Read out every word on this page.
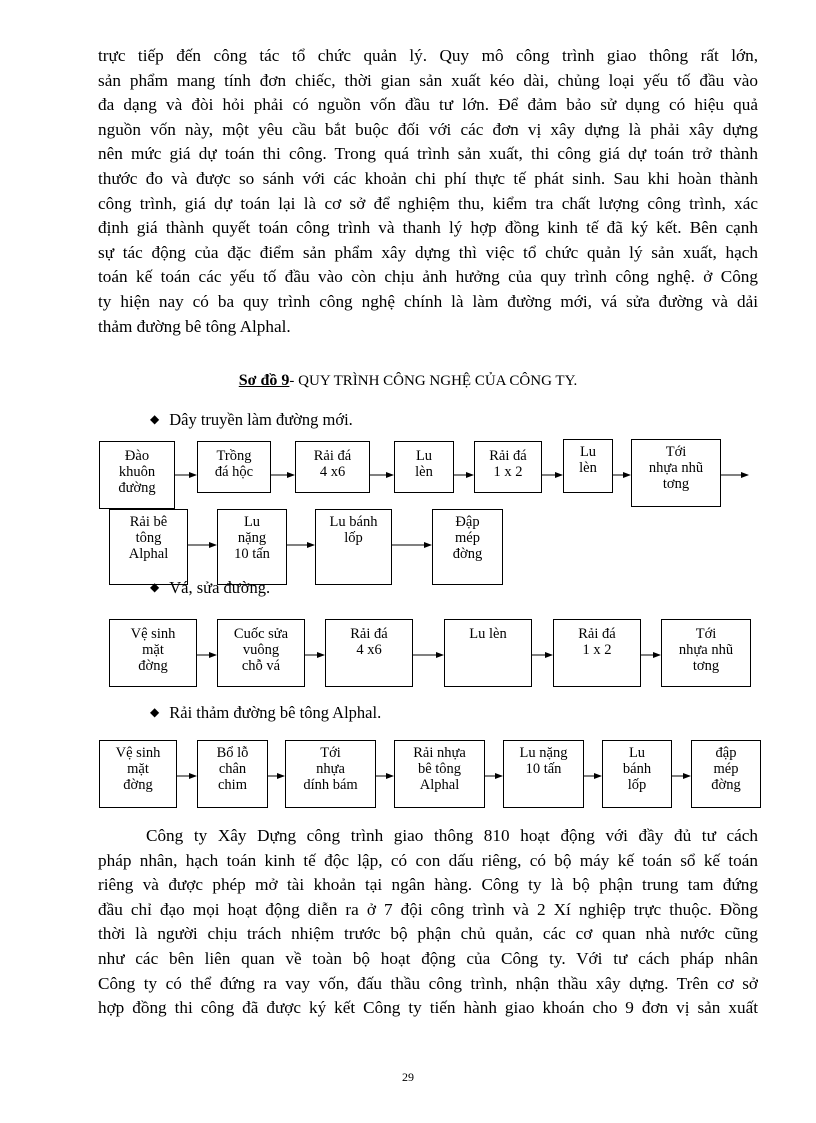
trực tiếp đến công tác tổ chức quản lý. Quy mô công trình giao thông rất lớn,
sản phẩm mang tính đơn chiếc, thời gian sản xuất kéo dài, chủng loại yếu tố đầu vào
đa dạng và đòi hỏi phải có nguồn vốn đầu tư lớn. Để đảm bảo sử dụng có hiệu quả
nguồn vốn này, một yêu cầu bắt buộc đối với các đơn vị xây dựng là phải xây dựng
nên mức giá dự toán thi công. Trong quá trình sản xuất, thi công giá dự toán trở thành
thước đo và được so sánh với các khoản chi phí thực tế phát sinh. Sau khi hoàn thành
công trình, giá dự toán lại là cơ sở để nghiệm thu, kiểm tra chất lượng công trình, xác
định giá thành quyết toán công trình và thanh lý hợp đồng kinh tế đã ký kết. Bên cạnh
sự tác động của đặc điểm sản phẩm xây dựng thì việc tổ chức quản lý sản xuất, hạch
toán kế toán các yếu tố đầu vào còn chịu ảnh hưởng của quy trình công nghệ. ở Công
ty hiện nay có ba quy trình công nghệ chính là làm đường mới, vá sửa đường và dải
thảm đường bê tông Alphal.
Sơ đồ 9- QUY TRÌNH CÔNG NGHỆ CỦA CÔNG TY.
◆ Dây truyền làm đường mới.
Đào
khuôn
đường
Trồng
đá hộc
Rải đá
4 x6
Lu
lèn
Rải đá
1 x 2
Lu
lèn
Tới
nhựa nhũ
tơng
Rải bê
tông
Alphal
Lu
nặng
10 tấn
Lu bánh
lốp
Đập
mép
đờng
◆ Vá, sửa đường.
Vệ sinh
mặt
đờng
Cuốc sửa
vuông
chỗ vá
Rải đá
4 x6
Lu lèn	Rải đá
1 x 2
Tới
nhựa nhũ
tơng
◆ Rải thảm đường bê tông Alphal.
Vệ sinh
mặt
đờng
Bổ lỗ
chân
chim
Tới
nhựa
dính bám
Rải nhựa
bê tông
Alphal
Lu nặng
10 tấn
Lu
bánh
lốp
đập
mép
đờng
Công ty Xây Dựng công trình giao thông 810 hoạt động với đầy đủ tư cách
pháp nhân, hạch toán kinh tế độc lập, có con dấu riêng, có bộ máy kế toán sổ kế toán
riêng và được phép mở tài khoản tại ngân hàng. Công ty là bộ phận trung tam đứng
đầu chỉ đạo mọi hoạt động diễn ra ở 7 đội công trình và 2 Xí nghiệp trực thuộc. Đồng
thời là người chịu trách nhiệm trước bộ phận chủ quản, các cơ quan nhà nước cũng
như các bên liên quan về toàn bộ hoạt động của Công ty. Với tư cách pháp nhân
Công ty có thể đứng ra vay vốn, đấu thầu công trình, nhận thầu xây dựng. Trên cơ sở
hợp đồng thi công đã được ký kết Công ty tiến hành giao khoán cho 9 đơn vị sản xuất
29
